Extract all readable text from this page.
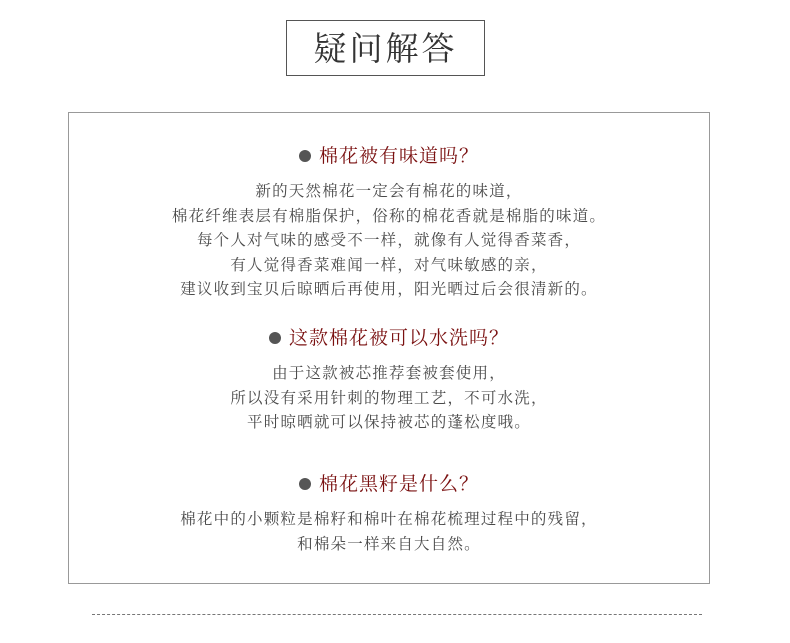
疑问解答
棉花被有味道吗？
新的天然棉花一定会有棉花的味道，
棉花纤维表层有棉脂保护，俗称的棉花香就是棉脂的味道。
每个人对气味的感受不一样，就像有人觉得香菜香，
有人觉得香菜难闻一样，对气味敏感的亲，
建议收到宝贝后晾晒后再使用，阳光晒过后会很清新的。
这款棉花被可以水洗吗？
由于这款被芯推荐套被套使用，
所以没有采用针刺的物理工艺，不可水洗，
平时晾晒就可以保持被芯的蓬松度哦。
棉花黑籽是什么？
棉花中的小颗粒是棉籽和棉叶在棉花梳理过程中的残留，
和棉朵一样来自大自然。
